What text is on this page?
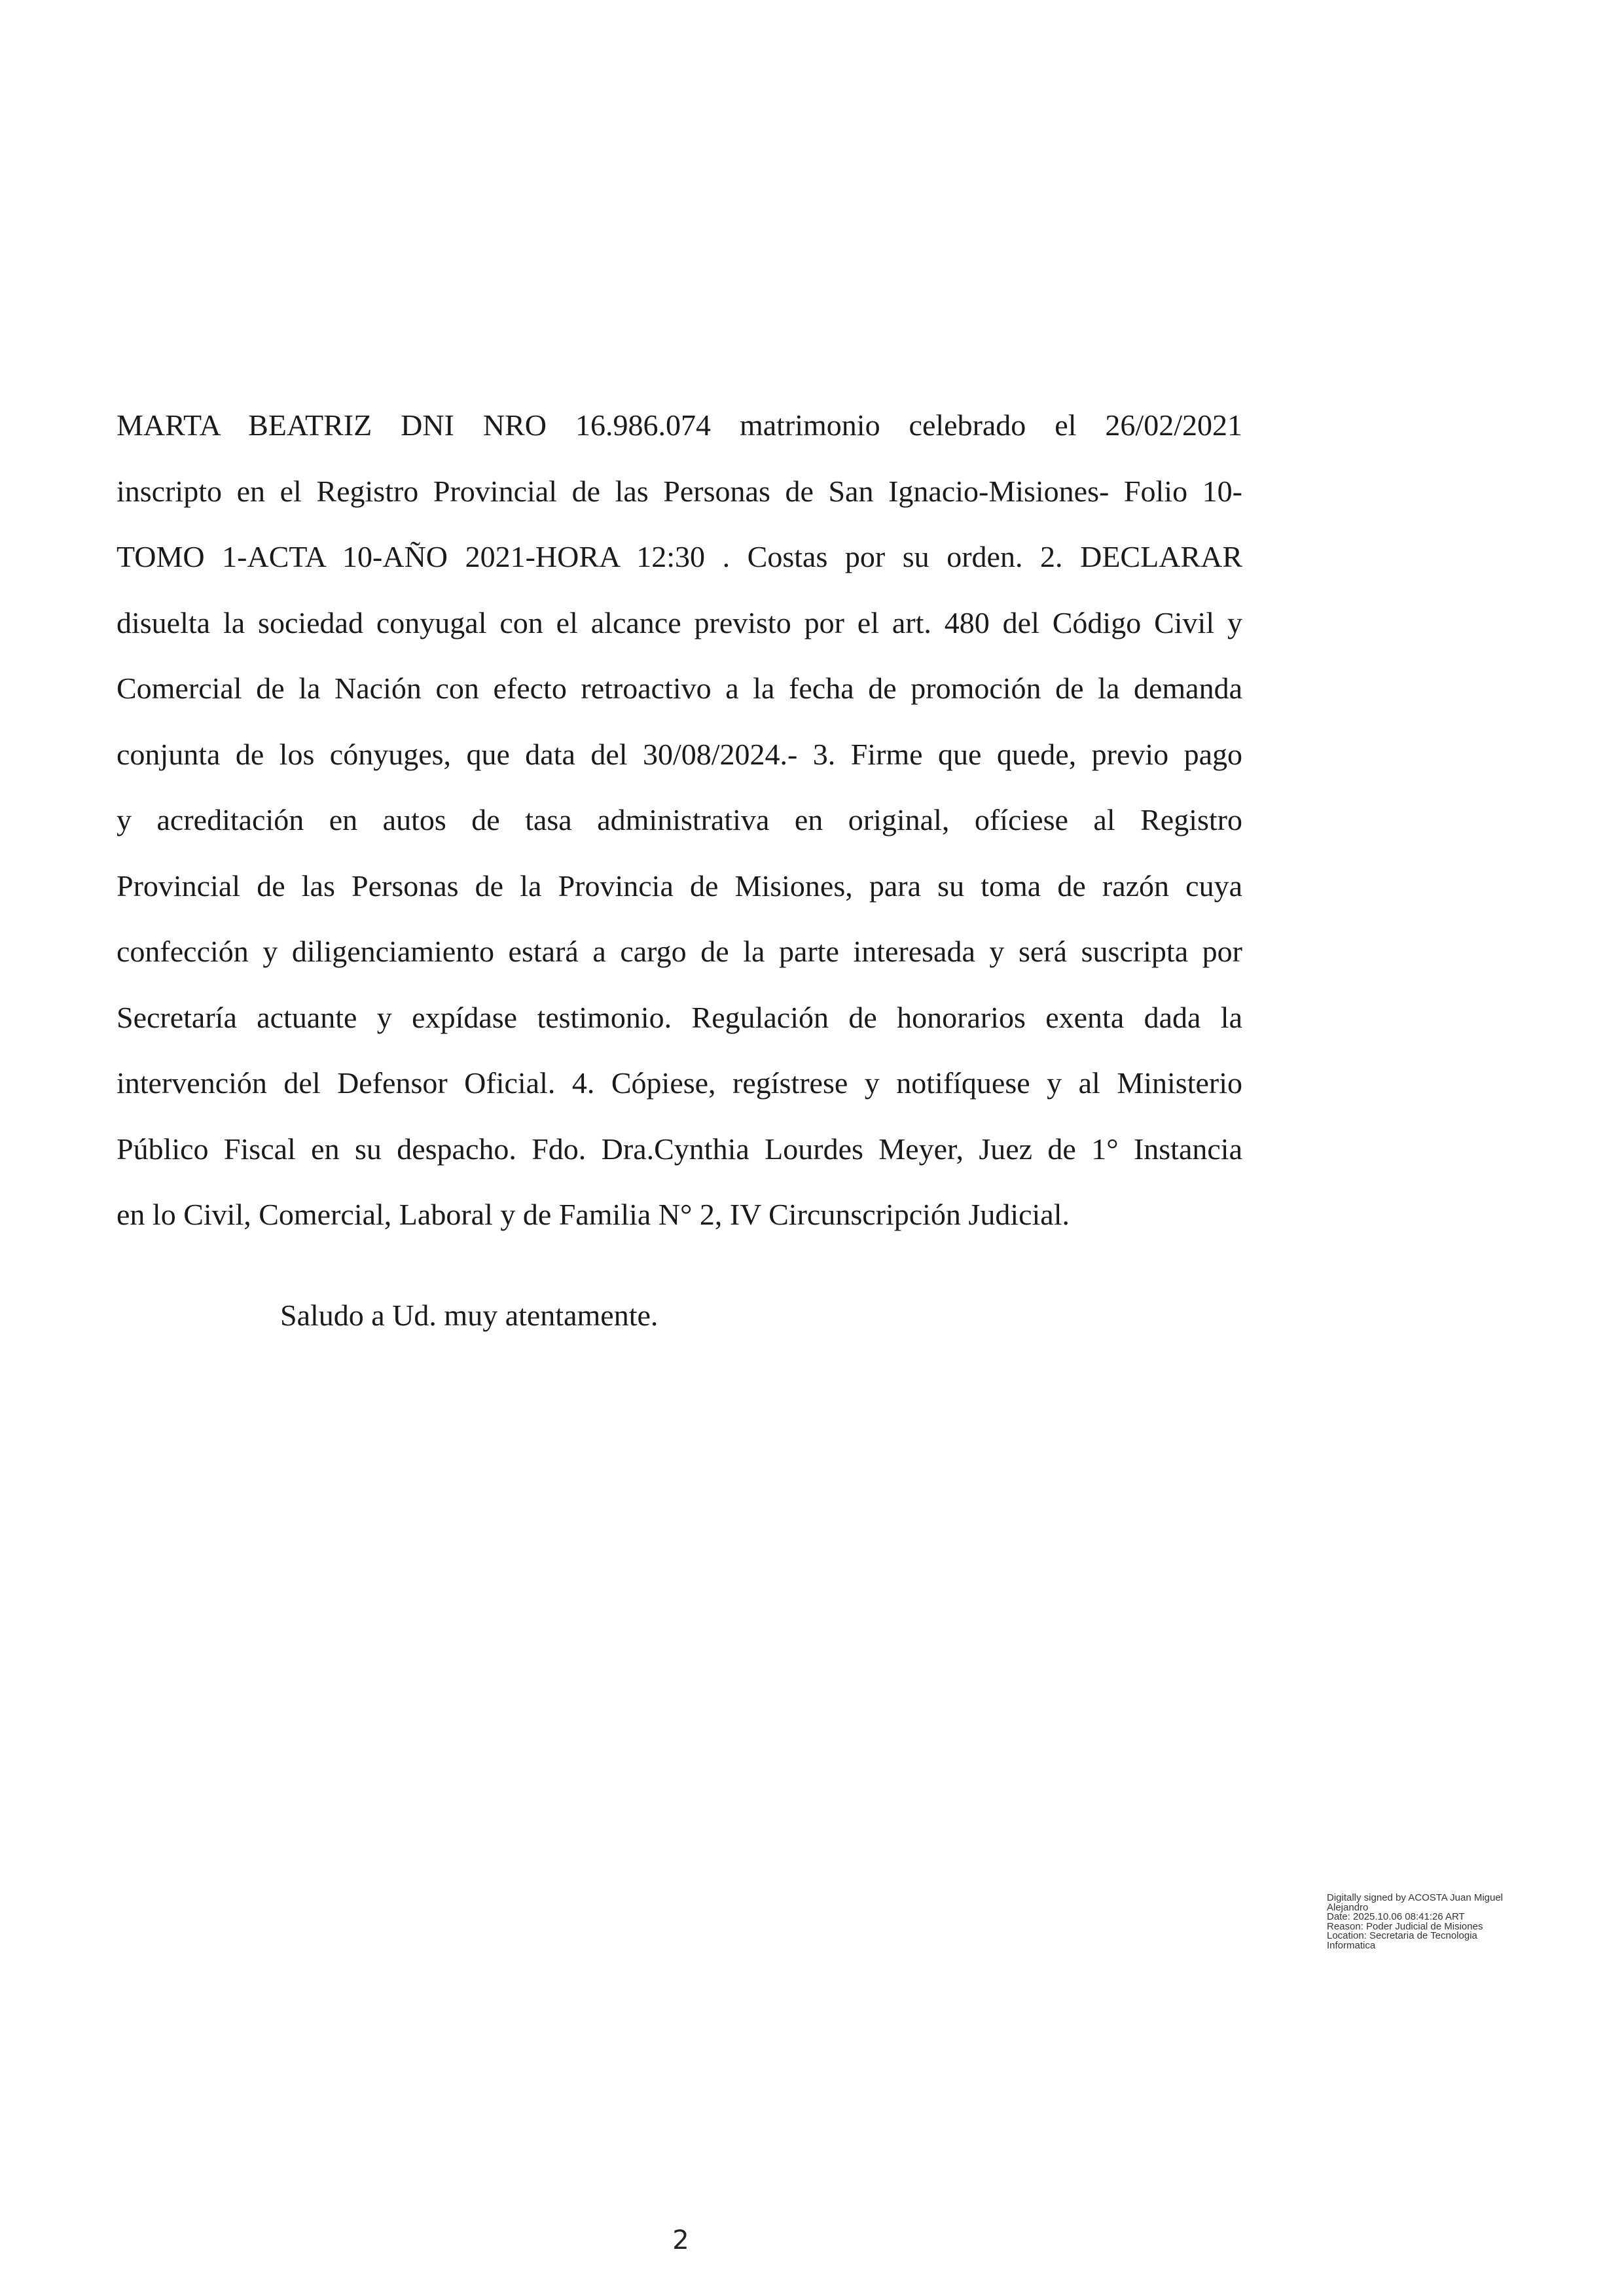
MARTA BEATRIZ DNI NRO 16.986.074 matrimonio celebrado el 26/02/2021
inscripto en el Registro Provincial de las Personas de San Ignacio-Misiones- Folio 10-
TOMO 1-ACTA 10-AÑO 2021-HORA 12:30 . Costas por su orden. 2. DECLARAR
disuelta la sociedad conyugal con el alcance previsto por el art. 480 del Código Civil y
Comercial de la Nación con efecto retroactivo a la fecha de promoción de la demanda
conjunta de los cónyuges, que data del 30/08/2024.- 3. Firme que quede, previo pago
y acreditación en autos de tasa administrativa en original, ofíciese al Registro
Provincial de las Personas de la Provincia de Misiones, para su toma de razón cuya
confección y diligenciamiento estará a cargo de la parte interesada y será suscripta por
Secretaría actuante y expídase testimonio. Regulación de honorarios exenta dada la
intervención del Defensor Oficial. 4. Cópiese, regístrese y notifíquese y al Ministerio
Público Fiscal en su despacho. Fdo. Dra.Cynthia Lourdes Meyer, Juez de 1° Instancia
en lo Civil, Comercial, Laboral y de Familia N° 2, IV Circunscripción Judicial.
Saludo a Ud. muy atentamente.
Digitally signed by ACOSTA Juan Miguel
Alejandro
Date: 2025.10.06 08:41:26 ART
Reason: Poder Judicial de Misiones
Location: Secretaria de Tecnologia
Informatica
2
